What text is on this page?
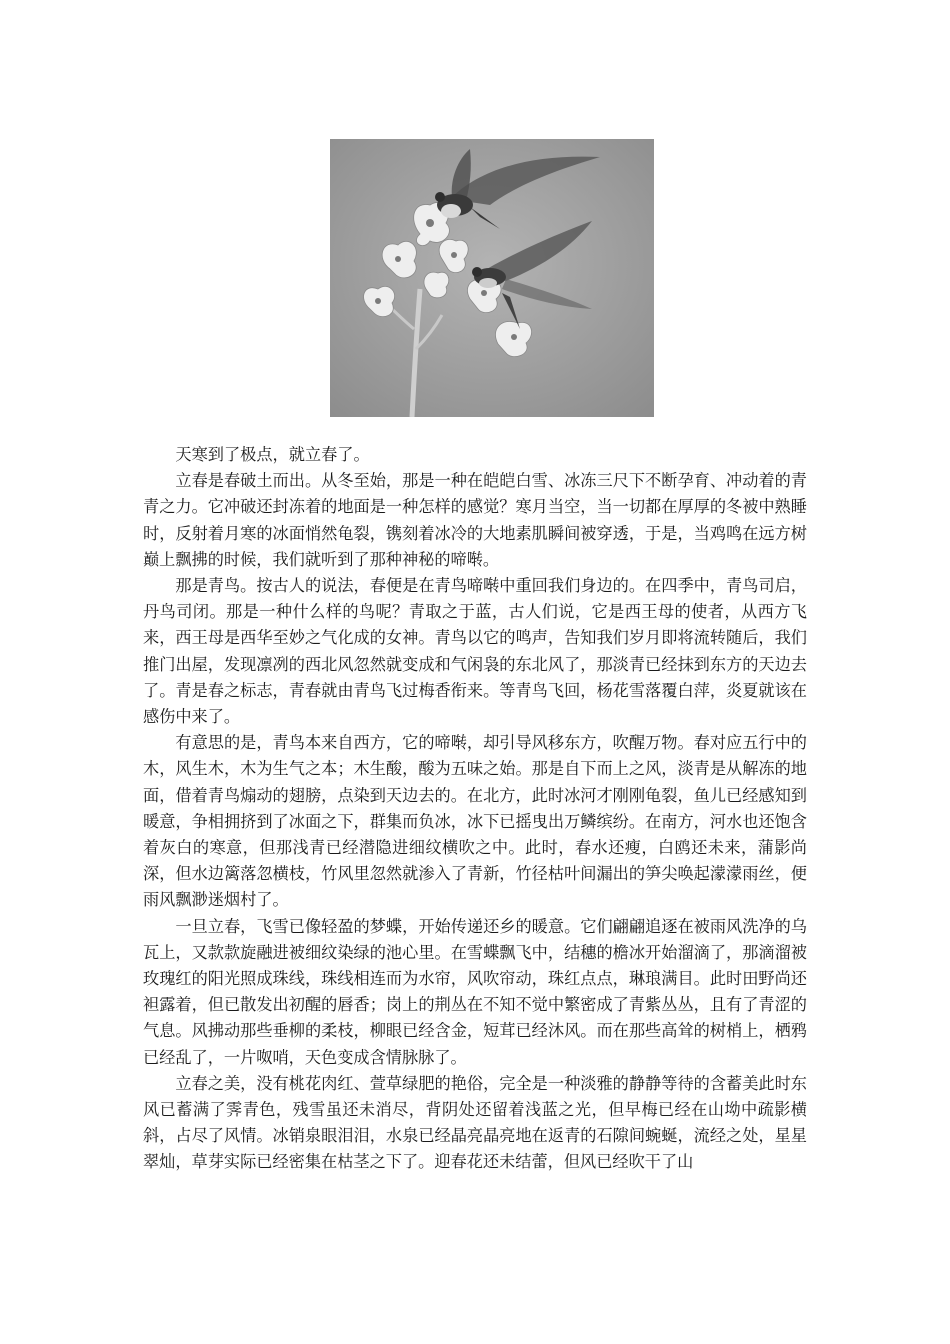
天寒到了极点，就立春了。

立春是春破土而出。从冬至始，那是一种在皑皑白雪、冰冻三尺下不断孕育、冲动着的青青之力。它冲破还封冻着的地面是一种怎样的感觉？寒月当空，当一切都在厚厚的冬被中熟睡时，反射着月寒的冰面悄然龟裂，镌刻着冰冷的大地素肌瞬间被穿透，于是，当鸡鸣在远方树巅上飘拂的时候，我们就听到了那种神秘的啼啭。

那是青鸟。按古人的说法，春便是在青鸟啼啭中重回我们身边的。在四季中，青鸟司启，丹鸟司闭。那是一种什么样的鸟呢？青取之于蓝，古人们说，它是西王母的使者，从西方飞来，西王母是西华至妙之气化成的女神。青鸟以它的鸣声，告知我们岁月即将流转随后，我们推门出屋，发现凛冽的西北风忽然就变成和气闲袅的东北风了，那淡青已经抹到东方的天边去了。青是春之标志，青春就由青鸟飞过梅香衔来。等青鸟飞回，杨花雪落覆白萍，炎夏就该在感伤中来了。

有意思的是，青鸟本来自西方，它的啼啭，却引导风移东方，吹醒万物。春对应五行中的木，风生木，木为生气之本；木生酸，酸为五味之始。那是自下而上之风，淡青是从解冻的地面，借着青鸟煽动的翅膀，点染到天边去的。在北方，此时冰河才刚刚龟裂，鱼儿已经感知到暖意，争相拥挤到了冰面之下，群集而负冰，冰下已摇曳出万鳞缤纷。在南方，河水也还饱含着灰白的寒意，但那浅青已经潜隐进细纹横吹之中。此时，春水还瘦，白鸥还未来，蒲影尚深，但水边篱落忽横枝，竹风里忽然就渗入了青新，竹径枯叶间漏出的笋尖唤起濛濛雨丝，便雨风飘渺迷烟村了。

一旦立春，飞雪已像轻盈的梦蝶，开始传递还乡的暖意。它们翩翩追逐在被雨风洗净的乌瓦上，又款款旋融进被细纹染绿的池心里。在雪蝶飘飞中，结穗的檐冰开始溜滴了，那滴溜被玫瑰红的阳光照成珠线，珠线相连而为水帘，风吹帘动，珠红点点，琳琅满目。此时田野尚还袒露着，但已散发出初醒的唇香；岗上的荆丛在不知不觉中繁密成了青紫丛丛，且有了青涩的气息。风拂动那些垂柳的柔枝，柳眼已经含金，短茸已经沐风。而在那些高耸的树梢上，栖鸦已经乱了，一片呶哨，天色变成含情脉脉了。

立春之美，没有桃花肉红、萱草绿肥的艳俗，完全是一种淡雅的静静等待的含蓄美此时东风已蓄满了霁青色，残雪虽还未消尽，背阴处还留着浅蓝之光，但早梅已经在山坳中疏影横斜，占尽了风情。冰销泉眼泪泪，水泉已经晶亮晶亮地在返青的石隙间蜿蜒，流经之处，星星翠灿，草芽实际已经密集在枯茎之下了。迎春花还未结蕾，但风已经吹干了山
